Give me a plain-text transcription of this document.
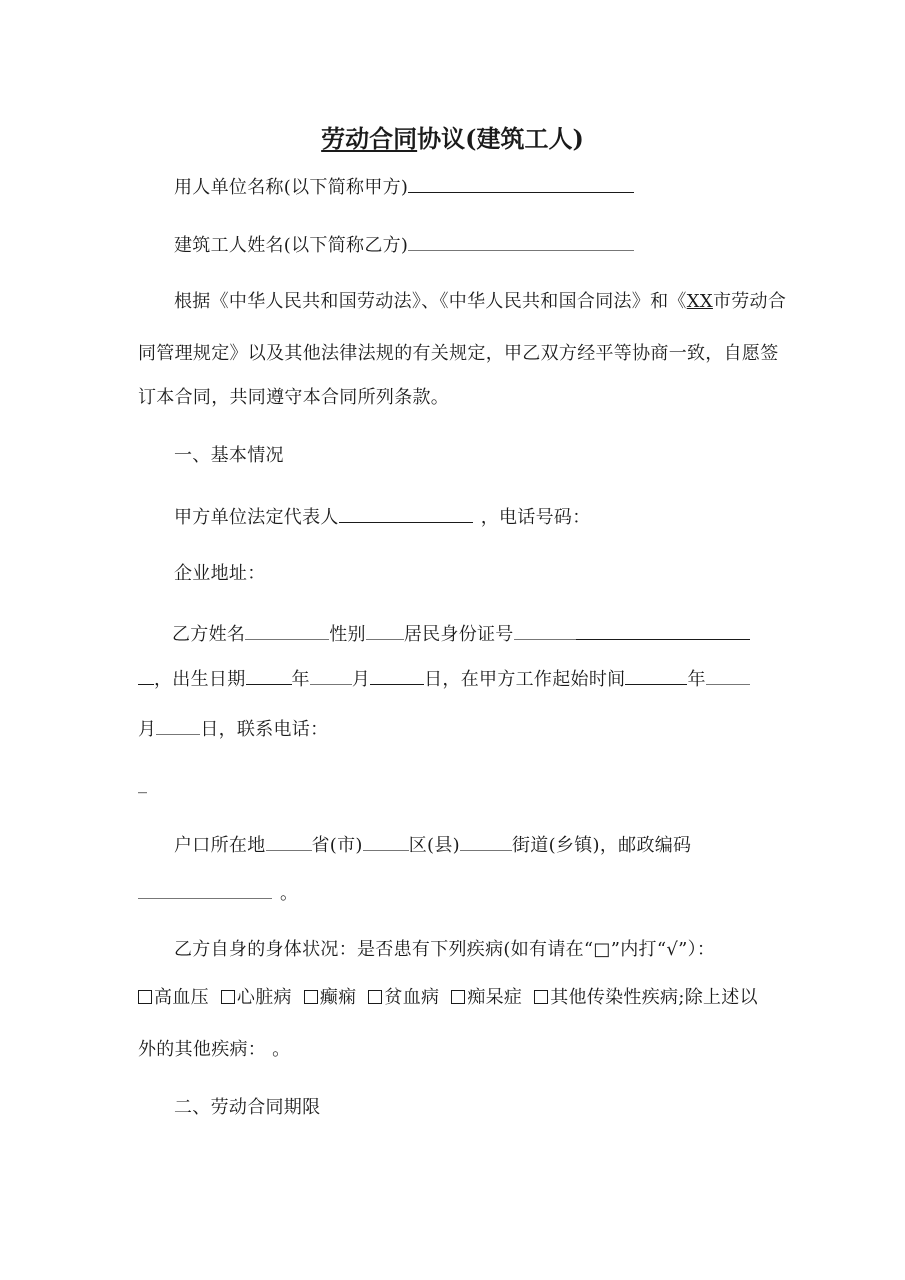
劳动合同协议(建筑工人)
用人单位名称(以下简称甲方)
建筑工人姓名(以下简称乙方)
根据《中华人民共和国劳动法》、《中华人民共和国合同法》和《XX市劳动合
同管理规定》以及其他法律法规的有关规定，甲乙双方经平等协商一致，自愿签
订本合同，共同遵守本合同所列条款。
一、基本情况
甲方单位法定代表人	，电话号码：
企业地址：
乙方姓名	性别 居民身份证号
，出生日期	年 月	日，在甲方工作起始时间	年
月 日，联系电话：
_
户口所在地	省(市)	区(县)	街道(乡镇)，邮政编码
。
乙方自身的身体状况：是否患有下列疾病(如有请在“□”内打“√”）：
高血压 心脏病 癫痫 贫血病 痴呆症 其他传染性疾病;除上述以
外的其他疾病： 。
二、劳动合同期限
